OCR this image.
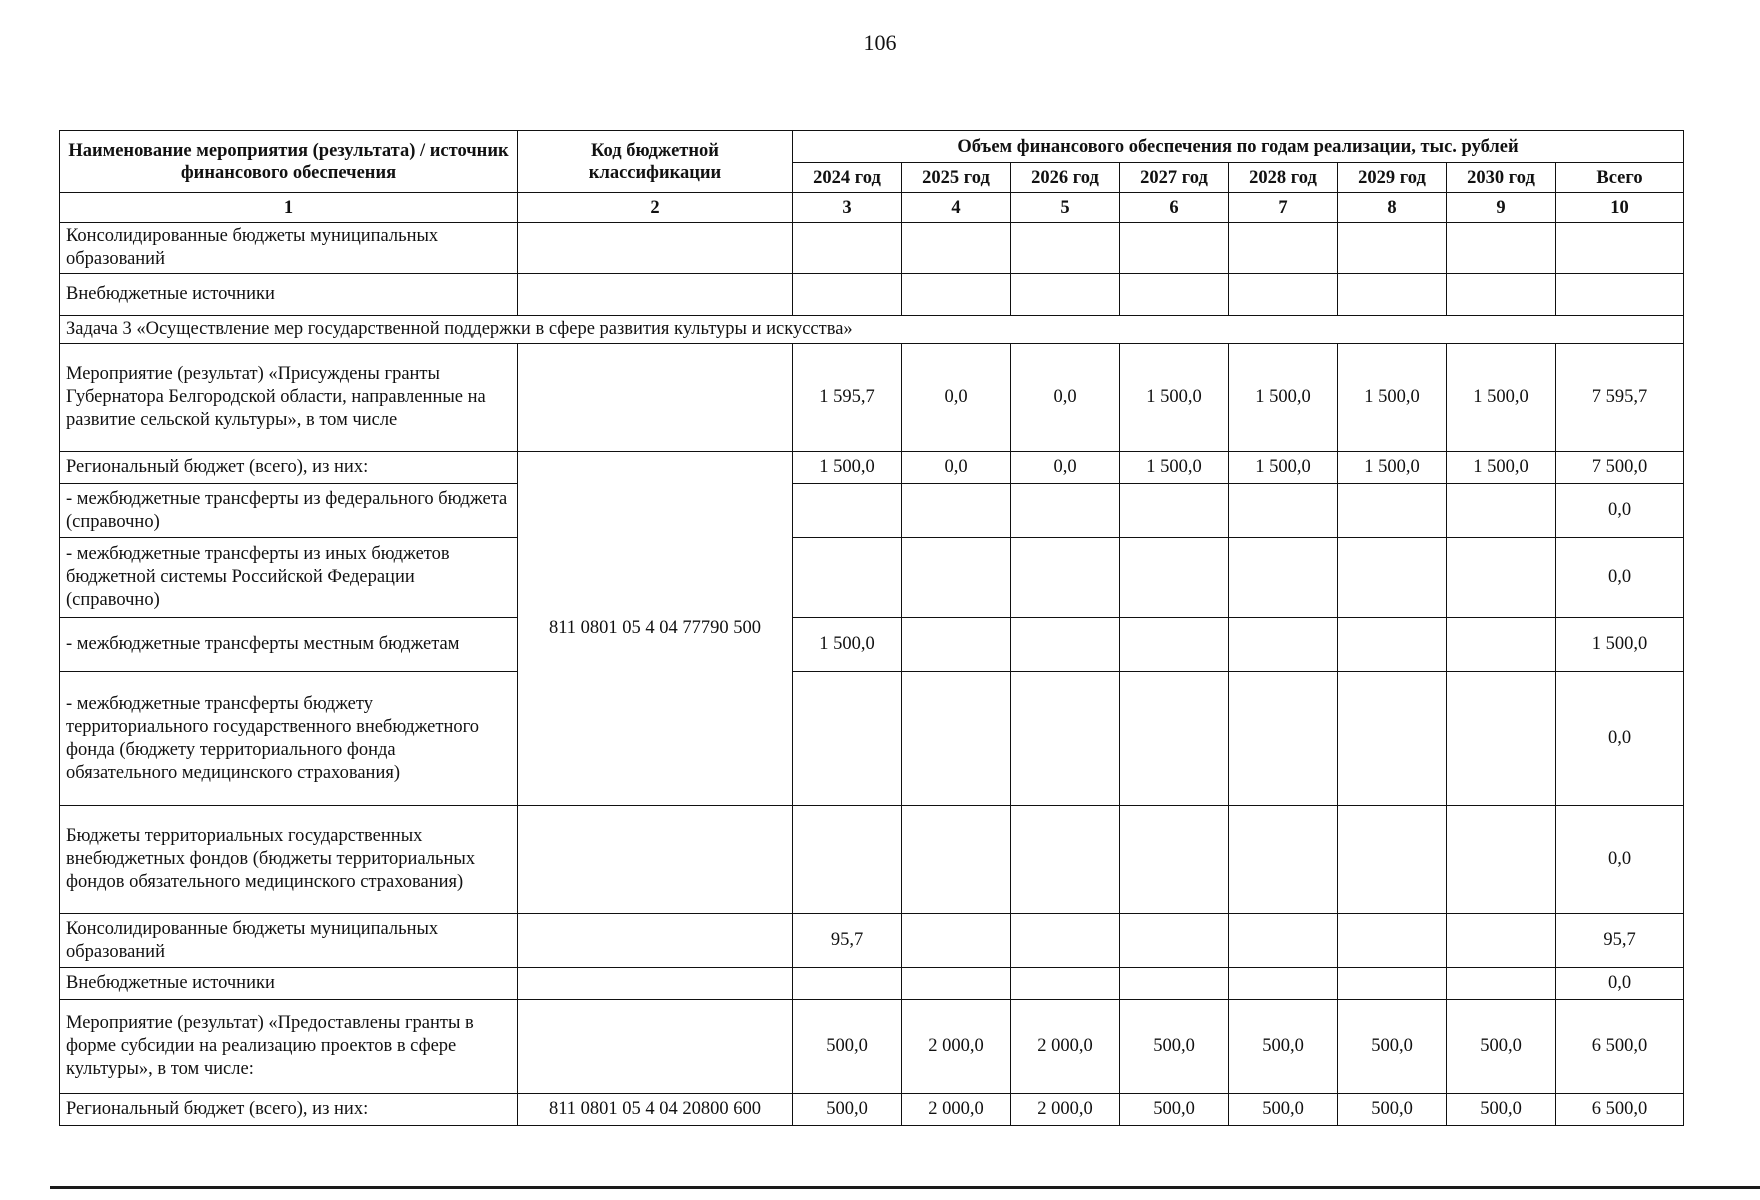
106
Наименование мероприятия (результата) / источник финансового обеспечения	Код бюджетной классификации	Объем финансового обеспечения по годам реализации, тыс. рублей							
		2024 год	2025 год	2026 год	2027 год	2028 год	2029 год	2030 год	Всего
1	2	3	4	5	6	7	8	9	10
Консолидированные бюджеты муниципальных образований									
Внебюджетные источники									
Задача 3 «Осуществление мер государственной поддержки в сфере развития культуры и искусства»									
Мероприятие (результат) «Присуждены гранты Губернатора Белгородской области, направленные на развитие сельской культуры», в том числе		1 595,7	0,0	0,0	1 500,0	1 500,0	1 500,0	1 500,0	7 595,7
Региональный бюджет (всего), из них:	811 0801 05 4 04 77790 500	1 500,0	0,0	0,0	1 500,0	1 500,0	1 500,0	1 500,0	7 500,0
- межбюджетные трансферты из федерального бюджета (справочно)									0,0
- межбюджетные трансферты из иных бюджетов бюджетной системы Российской Федерации (справочно)									0,0
- межбюджетные трансферты местным бюджетам		1 500,0							1 500,0
- межбюджетные трансферты бюджету территориального государственного внебюджетного фонда (бюджету территориального фонда обязательного медицинского страхования)									0,0
Бюджеты территориальных государственных внебюджетных фондов (бюджеты территориальных фондов обязательного медицинского страхования)									0,0
Консолидированные бюджеты муниципальных образований		95,7							95,7
Внебюджетные источники									0,0
Мероприятие (результат) «Предоставлены гранты в форме субсидии на реализацию проектов в сфере культуры», в том числе:		500,0	2 000,0	2 000,0	500,0	500,0	500,0	500,0	6 500,0
Региональный бюджет (всего), из них:	811 0801 05 4 04 20800 600	500,0	2 000,0	2 000,0	500,0	500,0	500,0	500,0	6 500,0
